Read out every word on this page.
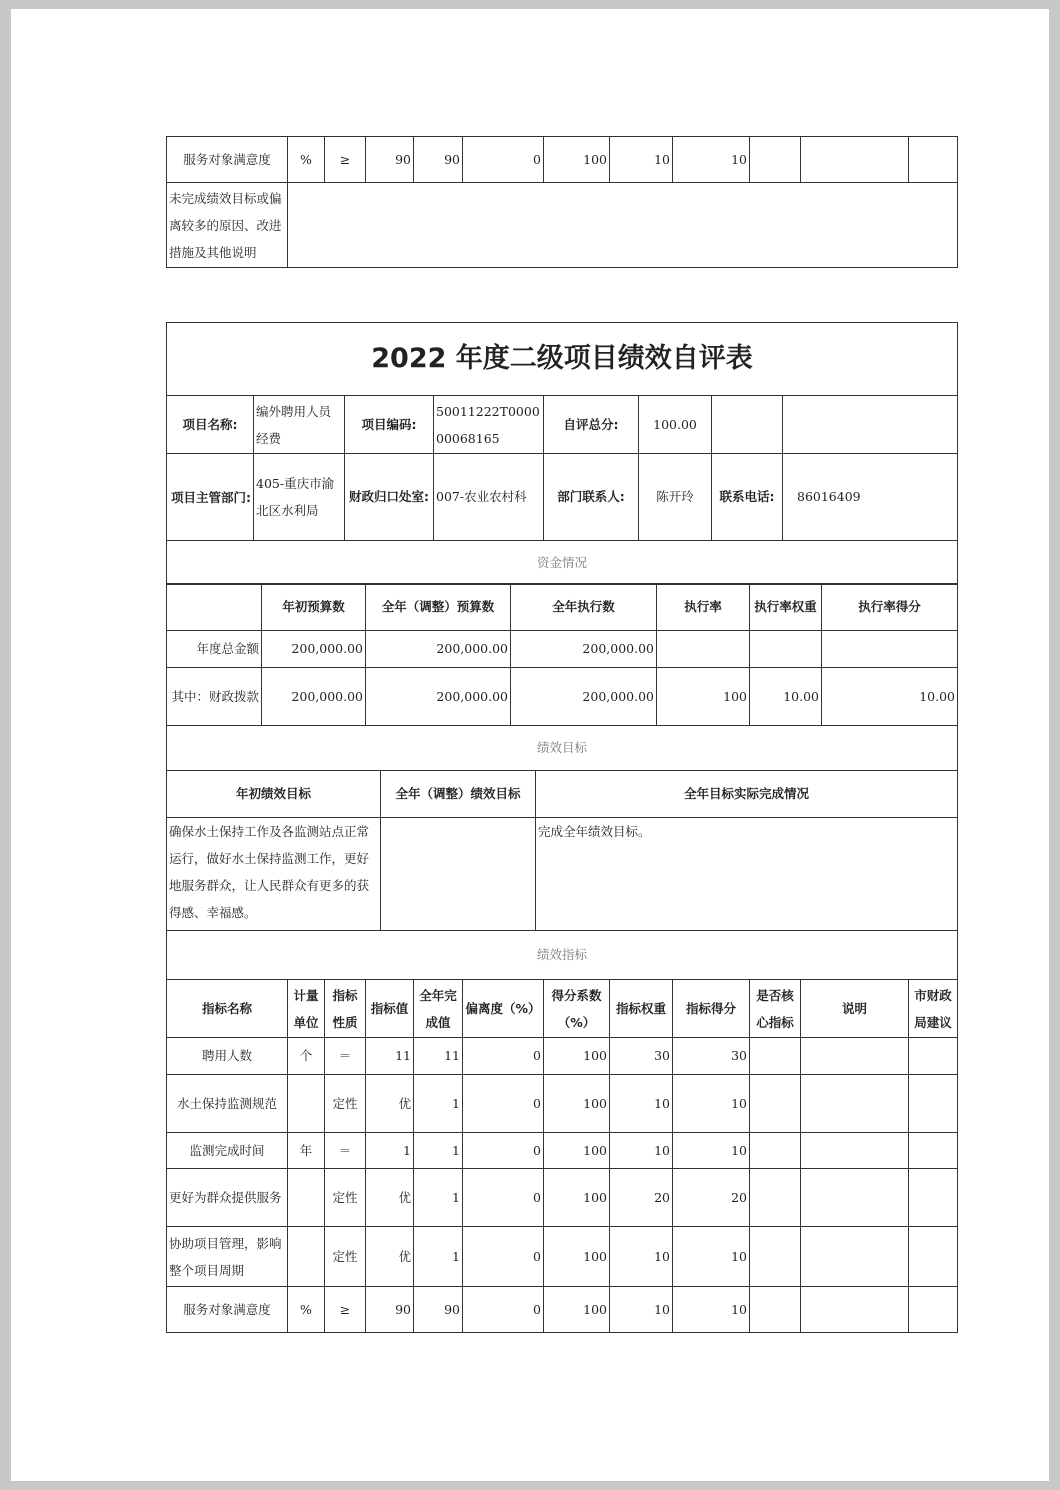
服务对象满意度	%	≥	90	90	0	100	10	10			
未完成绩效目标或偏离较多的原因、改进措施及其他说明											
2022 年度二级项目绩效自评表							
项目名称:	编外聘用人员经费	项目编码:	50011222T000000068165	自评总分:	100.00		
项目主管部门:	405-重庆市渝北区水利局	财政归口处室:	007-农业农村科	部门联系人:	陈开玲	联系电话:	86016409
资金情况							
	年初预算数	全年（调整）预算数	全年执行数	执行率	执行率权重	执行率得分
年度总金额	200,000.00	200,000.00	200,000.00			
其中：财政拨款	200,000.00	200,000.00	200,000.00	100	10.00	10.00
绩效目标						
年初绩效目标	全年（调整）绩效目标	全年目标实际完成情况
确保水土保持工作及各监测站点正常运行，做好水土保持监测工作，更好地服务群众，让人民群众有更多的获得感、幸福感。		完成全年绩效目标。
绩效指标		
指标名称	计量单位	指标性质	指标值	全年完成值	偏离度（%）	得分系数（%）	指标权重	指标得分	是否核心指标	说明	市财政局建议
聘用人数	个	＝	11	11	0	100	30	30			
水土保持监测规范		定性	优	1	0	100	10	10			
监测完成时间	年	＝	1	1	0	100	10	10			
更好为群众提供服务		定性	优	1	0	100	20	20			
协助项目管理，影响整个项目周期		定性	优	1	0	100	10	10			
服务对象满意度	%	≥	90	90	0	100	10	10			
